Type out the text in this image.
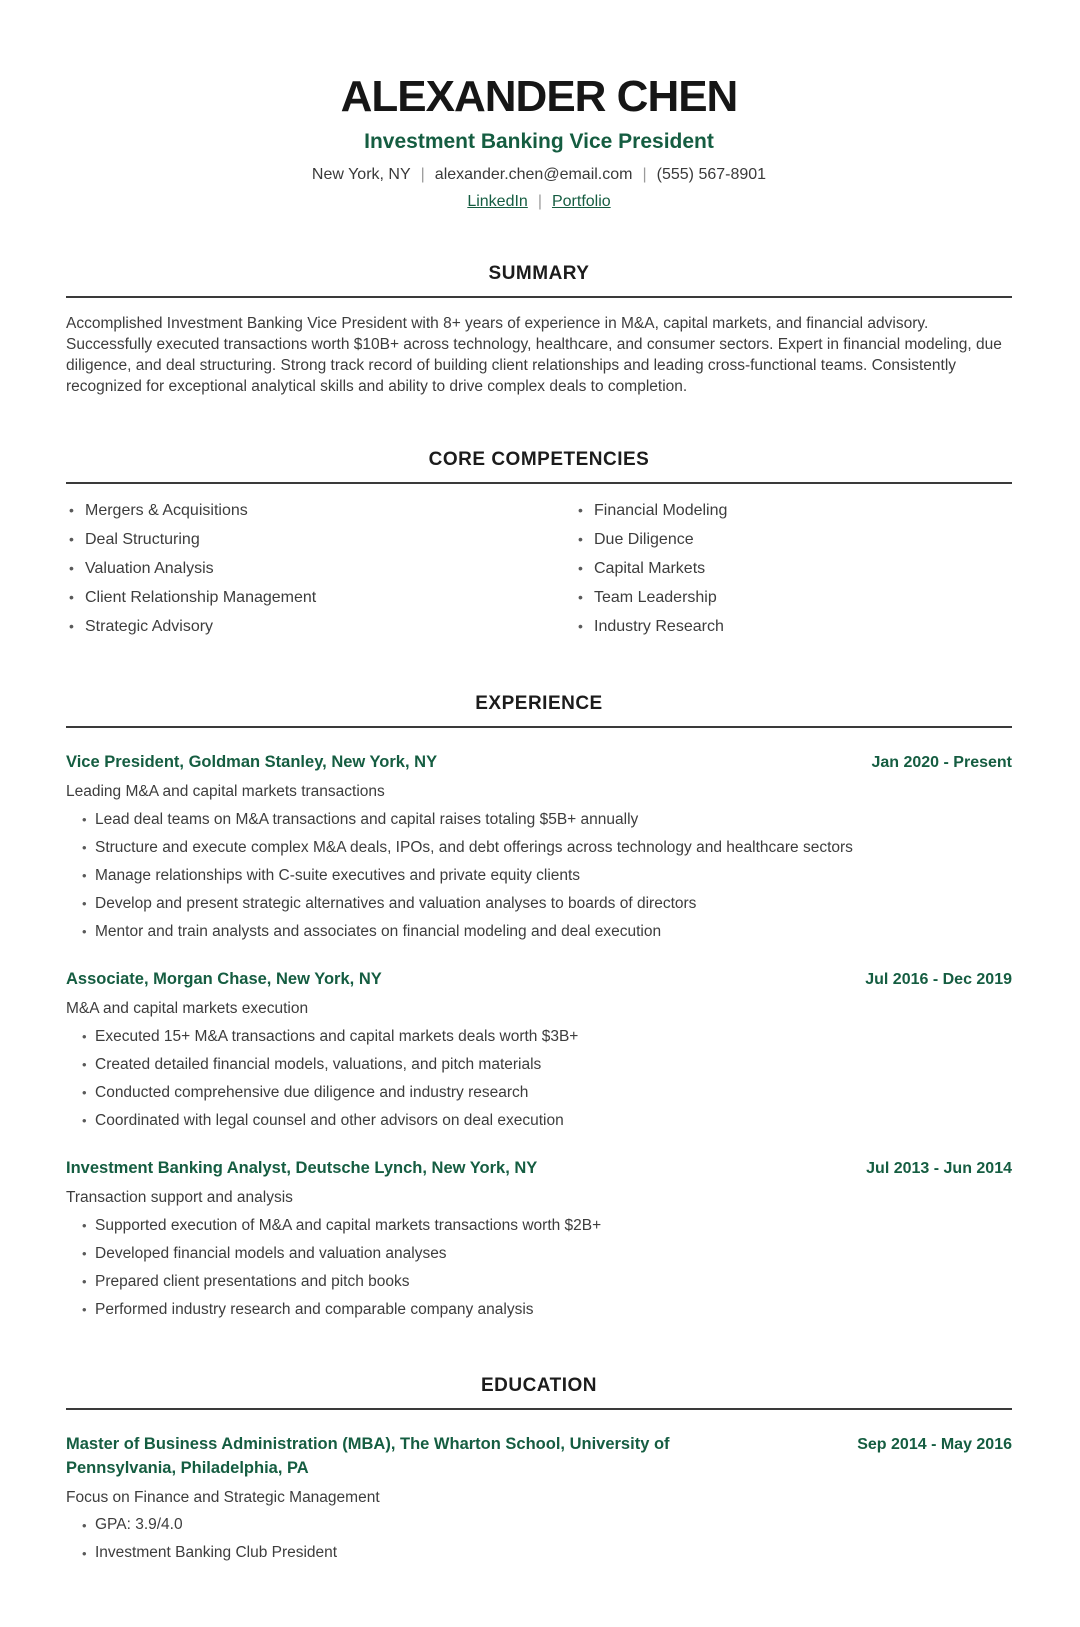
ALEXANDER CHEN
Investment Banking Vice President
New York, NY | alexander.chen@email.com | (555) 567-8901
LinkedIn | Portfolio
SUMMARY

Accomplished Investment Banking Vice President with 8+ years of experience in M&A, capital markets, and financial advisory. Successfully executed transactions worth $10B+ across technology, healthcare, and consumer sectors. Expert in financial modeling, due diligence, and deal structuring. Strong track record of building client relationships and leading cross-functional teams. Consistently recognized for exceptional analytical skills and ability to drive complex deals to completion.

CORE COMPETENCIES
• Mergers & Acquisitions
• Deal Structuring
• Valuation Analysis
• Client Relationship Management
• Strategic Advisory
• Financial Modeling
• Due Diligence
• Capital Markets
• Team Leadership
• Industry Research
EXPERIENCE
Vice President, Goldman Stanley, New York, NY	Jan 2020 - Present
Leading M&A and capital markets transactions
• Lead deal teams on M&A transactions and capital raises totaling $5B+ annually
• Structure and execute complex M&A deals, IPOs, and debt offerings across technology and healthcare sectors
• Manage relationships with C-suite executives and private equity clients
• Develop and present strategic alternatives and valuation analyses to boards of directors
• Mentor and train analysts and associates on financial modeling and deal execution
Associate, Morgan Chase, New York, NY	Jul 2016 - Dec 2019
M&A and capital markets execution
• Executed 15+ M&A transactions and capital markets deals worth $3B+
• Created detailed financial models, valuations, and pitch materials
• Conducted comprehensive due diligence and industry research
• Coordinated with legal counsel and other advisors on deal execution
Investment Banking Analyst, Deutsche Lynch, New York, NY	Jul 2013 - Jun 2014
Transaction support and analysis
• Supported execution of M&A and capital markets transactions worth $2B+
• Developed financial models and valuation analyses
• Prepared client presentations and pitch books
• Performed industry research and comparable company analysis
EDUCATION
Master of Business Administration (MBA), The Wharton School, University of Pennsylvania, Philadelphia, PA
Sep 2014 - May 2016
Focus on Finance and Strategic Management
• GPA: 3.9/4.0
• Investment Banking Club President
